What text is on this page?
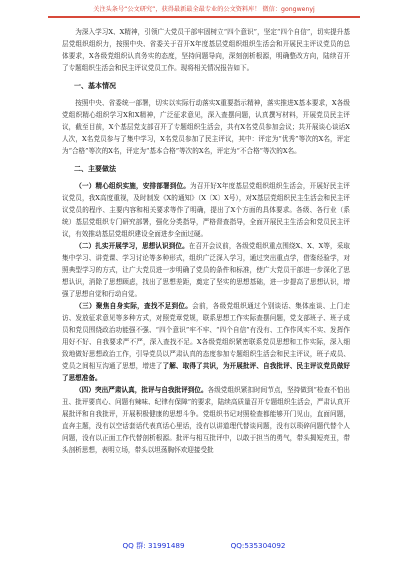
关注头条号“公文研究”，获得最新最全最专业的公文资料库！ 微信：gongwenyj

为深入学习X、X精神，引领广大党员干部牢固树立“四个意识”，坚定“四个自信”，切实提升基层党组织组织力，按照中央、省委关于召开X年度基层党组织组织生活会和开展民主评议党员的总体要求，X各级党组织认真务实的态度，坚持问题导向，深刻剖析根源，明确整改方向，陆续召开了专题组织生活会和民主评议党员工作。现将相关情况报告如下。

一、基本情况

按照中央、省委统一部署，切实以实际行动落实X重要指示精神，落实推进X基本要求，X各级党组织精心组织学习X和X精神，广泛征求意见，深入查摆问题，认真撰写材料，开展党员民主评议，截至目前，X个基层党支部召开了专题组织生活会，共有X名党员参加会议；共开展谈心谈话X人次，X名党员参与了集中学习，X名党员参加了民主评议，其中：评定为“优秀”等次的X名，评定为“合格”等次的X名，评定为“基本合格”等次的X名，评定为“不合格”等次的X名。

二、主要做法

（一）精心组织实施，安排部署到位。为召开好X年度基层党组织组织生活会，开展好民主评议党员，我X高度重视，及时制发《X的通知》（X〔X〕X号），对X基层党组织民主生活会和民主评议党员的程序、主要内容和相关要求等作了明确，提出了X个方面的具体要求。各级、各行业（系统）基层党组织专门研究部署，强化分类指导，严格督查指导，全面开展民主生活会和党员民主评议，有效推动基层党组织建设全面进步全面过硬。

（二）扎实开展学习，思想认识到位。在召开会议前，各级党组织重点围绕X、X、X等，采取集中学习、讲党课、学习讨论等多种形式，组织广泛深入学习，通过突出重点学，借鉴经验学，对照典型学习的方式，让广大党员进一步明确了党员的条件和标准，使广大党员干部进一步深化了思想认识，消除了思想顾虑，找出了思想差距，奠定了坚实的思想基础，进一步提高了思想认识，增强了思想自觉和行动自觉。

（三）聚焦自身实际，查找不足到位。会前，各级党组织通过个别谈话、集体座谈、上门走访、发放征求意见等多种方式，对照党章党规，联系思想工作实际查摆问题，党支部班子、班子成员和党员围绕政治功能强不强、“四个意识”牢不牢、“四个自信”有没有、工作作风实不实、发挥作用好不好、自我要求严不严，深入查找不足。X各级党组织紧密联系党员思想和工作实际，深入细致地做好思想政治工作，引导党员以严肃认真的态度参加专题组织生活会和民主评议，班子成员、党员之间相互沟通了思想，增进了了解、取得了共识，为开展批评、自我批评、民主评议党员做好了思想准备。

（四）突出严肃认真，批评与自我批评到位。各级党组织紧扣时间节点，坚持做到“检查不怕出丑、批评要真心、问题有辣味、纪律有保障”的要求，陆续高质量召开专题组织生活会，严肃认真开展批评和自我批评，开展积极健康的思想斗争。党组织书记对照检查都能够开门见山，直面问题，直奔主题，没有以空话套话代表真话心里话，没有以讲道理代替谈问题，没有以琐碎问题代替个人问题，没有以正面工作代替剖析根源。批评与相互批评中，以敢于担当的勇气，带头揭短亮丑，带头剖析思想，表明立场，带头以坦荡胸怀欢迎接受批

QQ 群: 31991489	QQ:535304092
